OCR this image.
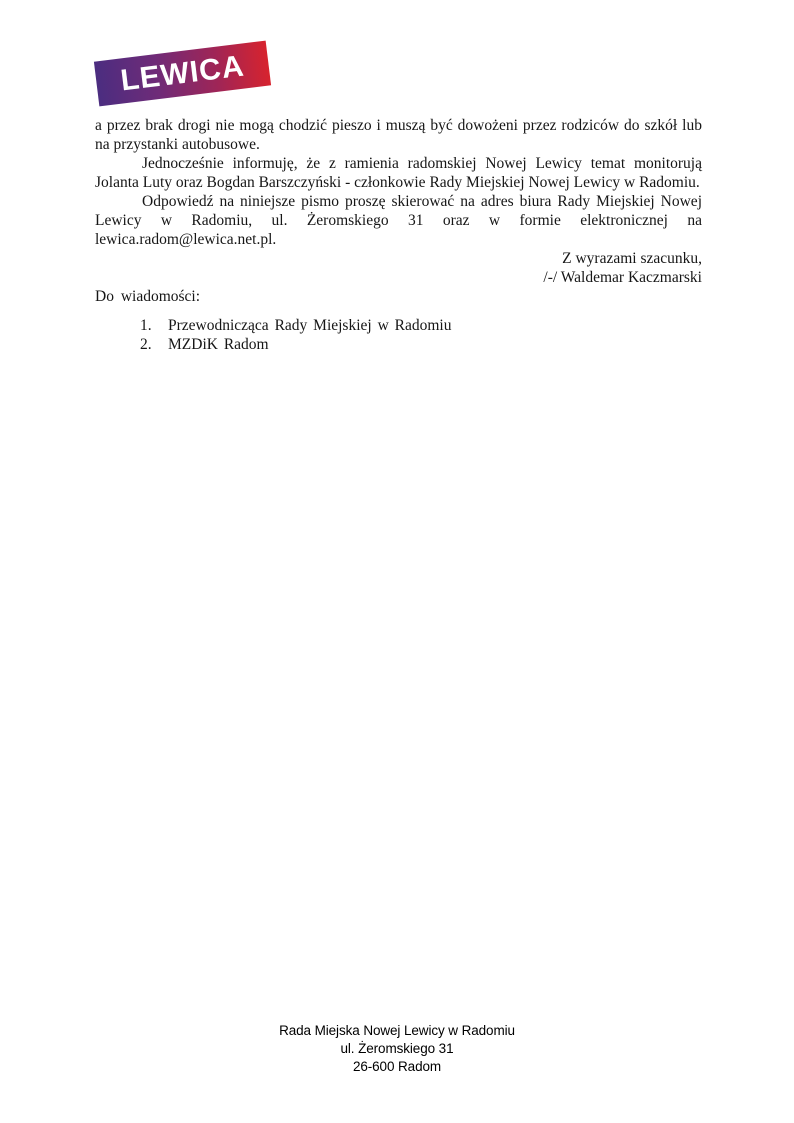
LEWICA

a przez brak drogi nie mogą chodzić pieszo i muszą być dowożeni przez rodziców do szkół lub na przystanki autobusowe.

Jednocześnie informuję, że z ramienia radomskiej Nowej Lewicy temat monitorują Jolanta Luty oraz Bogdan Barszczyński - członkowie Rady Miejskiej Nowej Lewicy w Radomiu.

Odpowiedź na niniejsze pismo proszę skierować na adres biura Rady Miejskiej Nowej Lewicy w Radomiu, ul. Żeromskiego 31 oraz w formie elektronicznej na lewica.radom@lewica.net.pl.

Z wyrazami szacunku,

/-/ Waldemar Kaczmarski

Do wiadomości:

1.	Przewodnicząca Rady Miejskiej w Radomiu
2.	MZDiK Radom
Rada Miejska Nowej Lewicy w Radomiu
ul. Żeromskiego 31
26-600 Radom
